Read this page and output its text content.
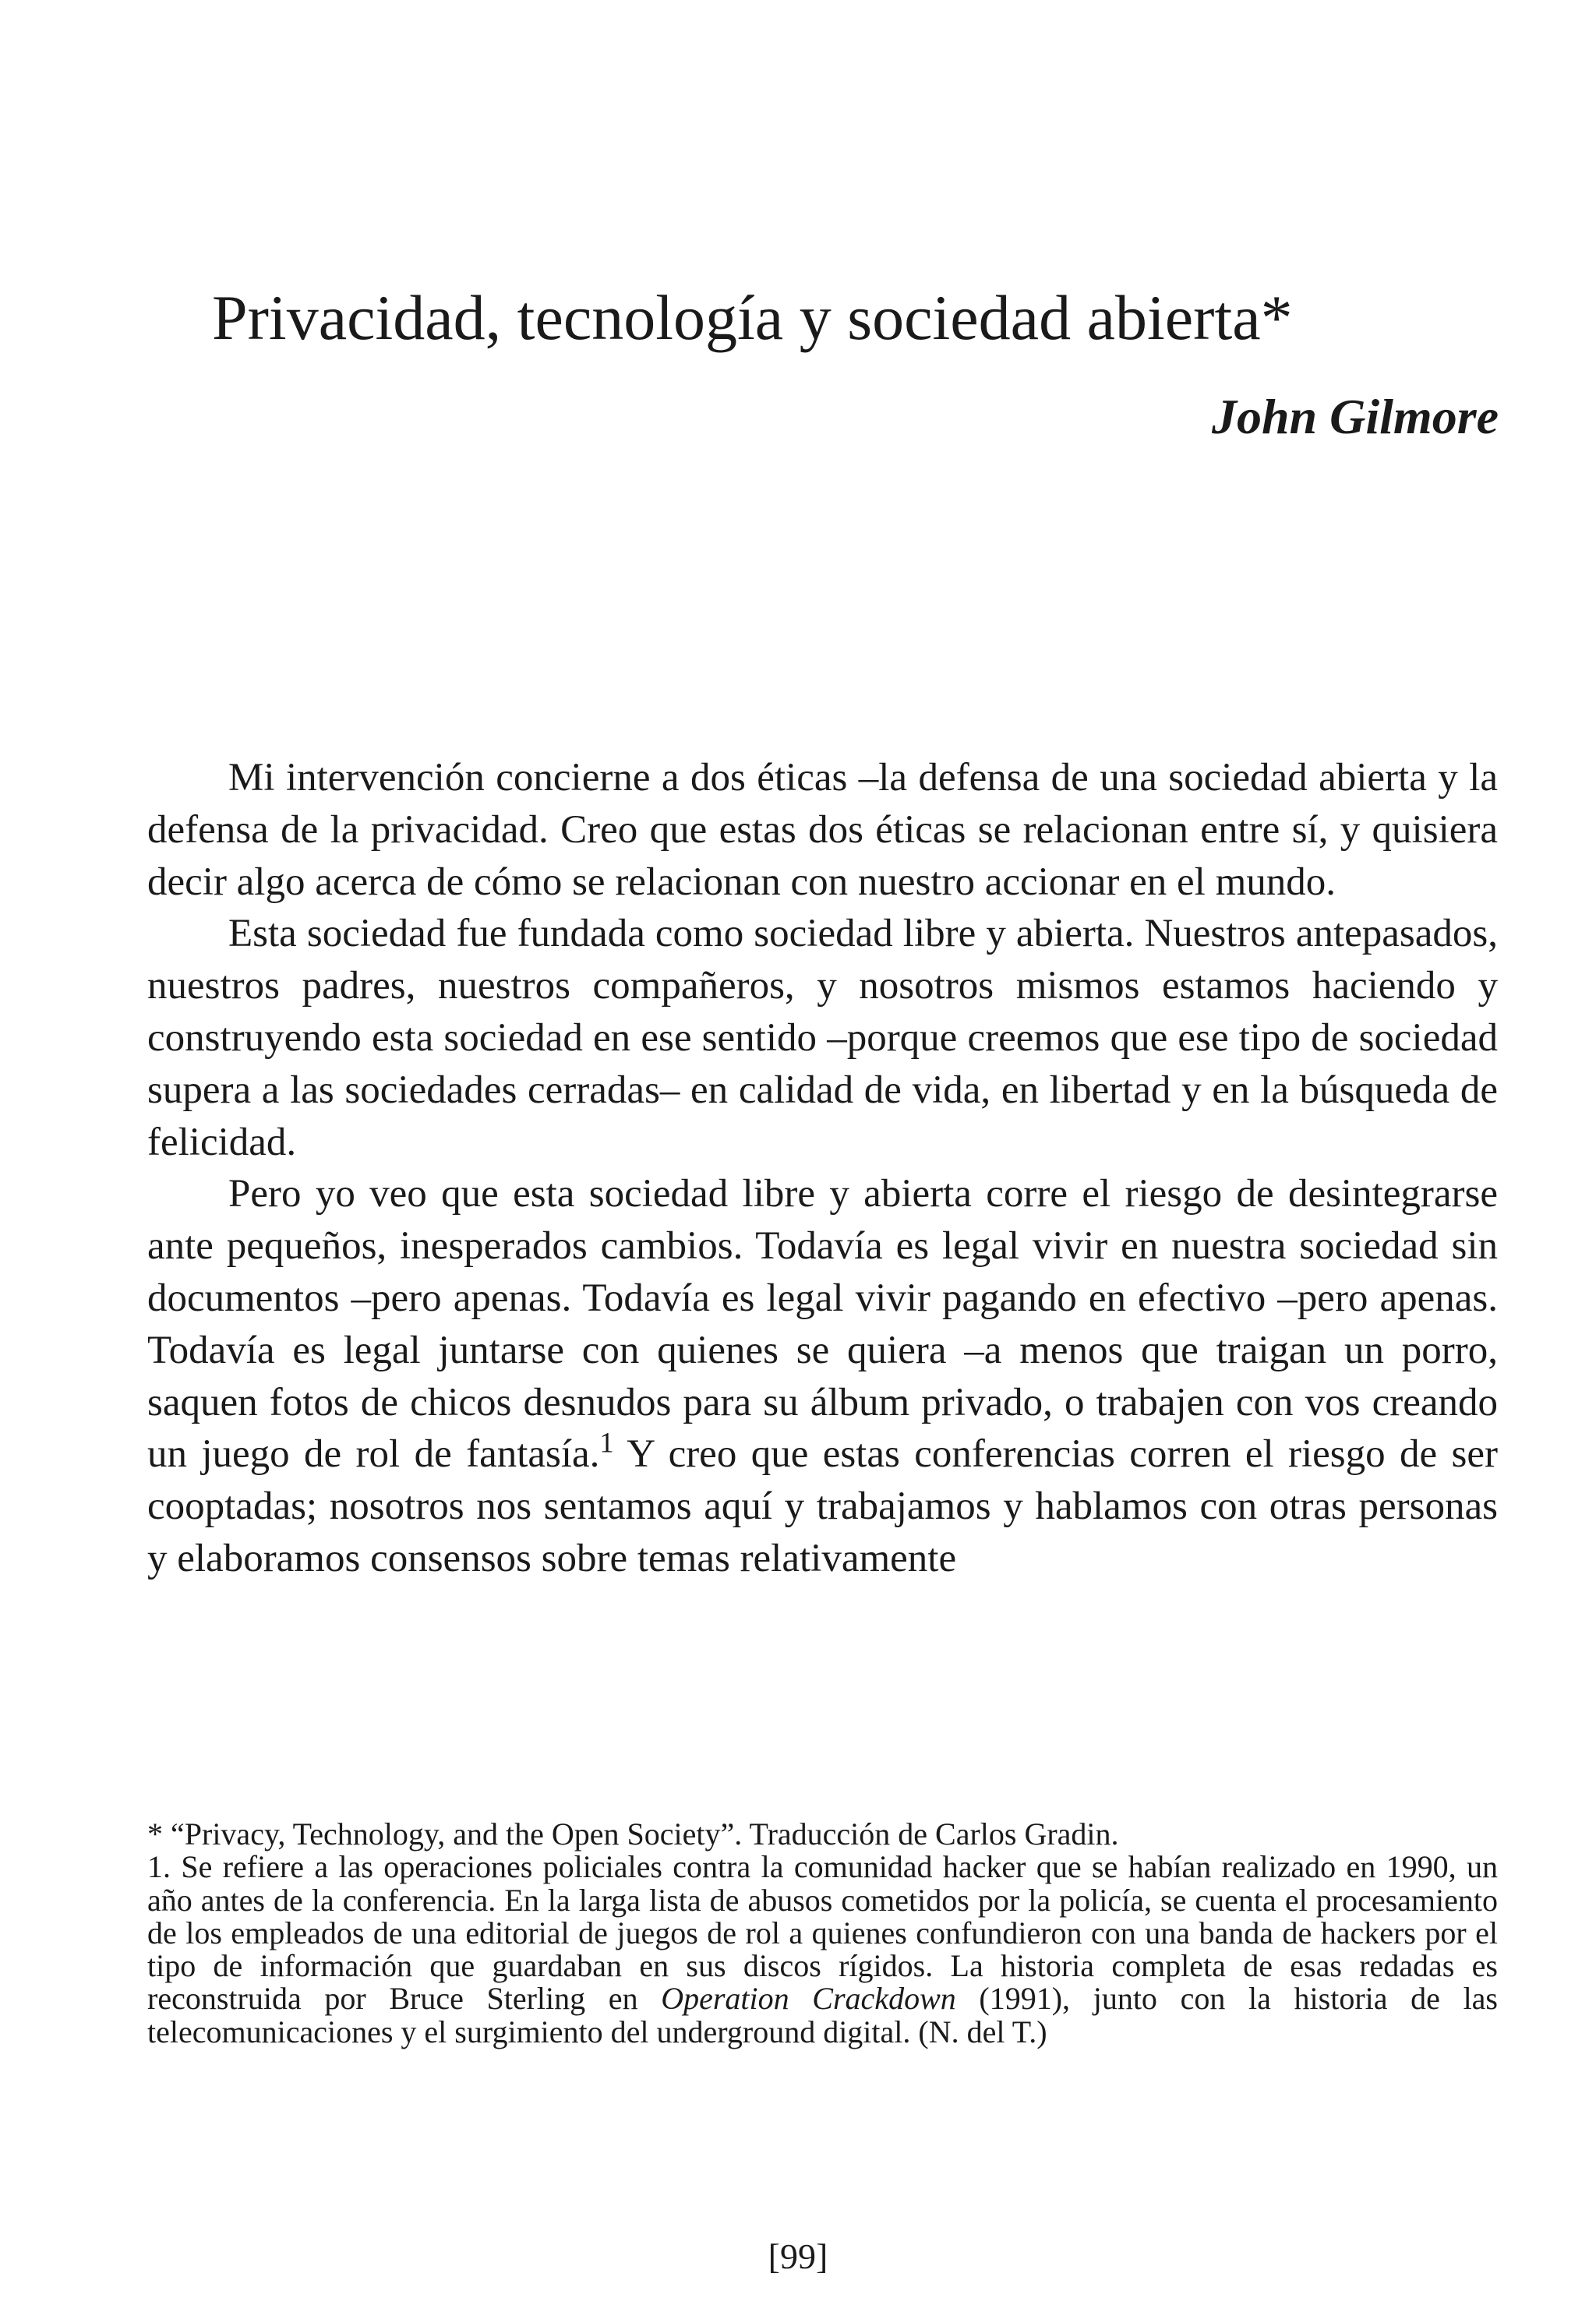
Privacidad, tecnología y sociedad abierta*
John Gilmore

Mi intervención concierne a dos éticas –la defensa de una sociedad abierta y la defensa de la privacidad. Creo que estas dos éticas se relacionan entre sí, y quisiera decir algo acerca de cómo se relacionan con nuestro accionar en el mundo.

Esta sociedad fue fundada como sociedad libre y abierta. Nuestros antepasados, nuestros padres, nuestros compañeros, y nosotros mismos estamos haciendo y construyendo esta sociedad en ese sentido –porque creemos que ese tipo de sociedad supera a las sociedades cerradas– en calidad de vida, en libertad y en la búsqueda de felicidad.

Pero yo veo que esta sociedad libre y abierta corre el riesgo de desintegrarse ante pequeños, inesperados cambios. Todavía es legal vivir en nuestra sociedad sin documentos –pero apenas. Todavía es legal vivir pagando en efectivo –pero apenas. Todavía es legal juntarse con quienes se quiera –a menos que traigan un porro, saquen fotos de chicos desnudos para su álbum privado, o trabajen con vos creando un juego de rol de fantasía.$^1$ Y creo que estas conferencias corren el riesgo de ser cooptadas; nosotros nos sentamos aquí y trabajamos y hablamos con otras personas y elaboramos consensos sobre temas relativamente

* “Privacy, Technology, and the Open Society”. Traducción de Carlos Gradin.

1. Se refiere a las operaciones policiales contra la comunidad hacker que se habían realizado en 1990, un año antes de la conferencia. En la larga lista de abusos cometidos por la policía, se cuenta el procesamiento de los empleados de una editorial de juegos de rol a quienes confundieron con una banda de hackers por el tipo de información que guardaban en sus discos rígidos. La historia completa de esas redadas es reconstruida por Bruce Sterling en Operation Crackdown (1991), junto con la historia de las telecomunicaciones y el surgimiento del underground digital. (N. del T.)

[99]
